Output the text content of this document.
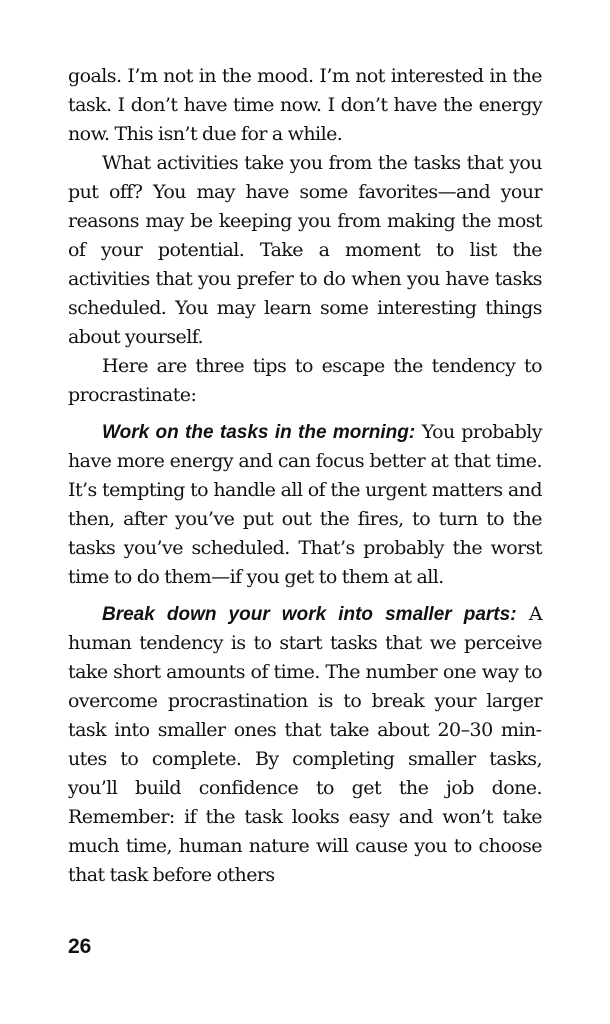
goals. I’m not in the mood. I’m not interested in the task. I don’t have time now. I don’t have the energy now. This isn’t due for a while.

What activities take you from the tasks that you put off? You may have some favorites—and your reasons may be keeping you from making the most of your potential. Take a moment to list the activities that you prefer to do when you have tasks scheduled. You may learn some interesting things about yourself.

Here are three tips to escape the tendency to procrastinate:

Work on the tasks in the morning: You probably have more energy and can focus better at that time. It’s tempting to handle all of the urgent matters and then, after you’ve put out the fires, to turn to the tasks you’ve scheduled. That’s probably the worst time to do them—if you get to them at all.

Break down your work into smaller parts: A human tendency is to start tasks that we perceive take short amounts of time. The number one way to overcome procrastination is to break your larger task into smaller ones that take about 20–30 minutes to complete. By completing smaller tasks, you’ll build confidence to get the job done. Remember: if the task looks easy and won’t take much time, human nature will cause you to choose that task before others

26
